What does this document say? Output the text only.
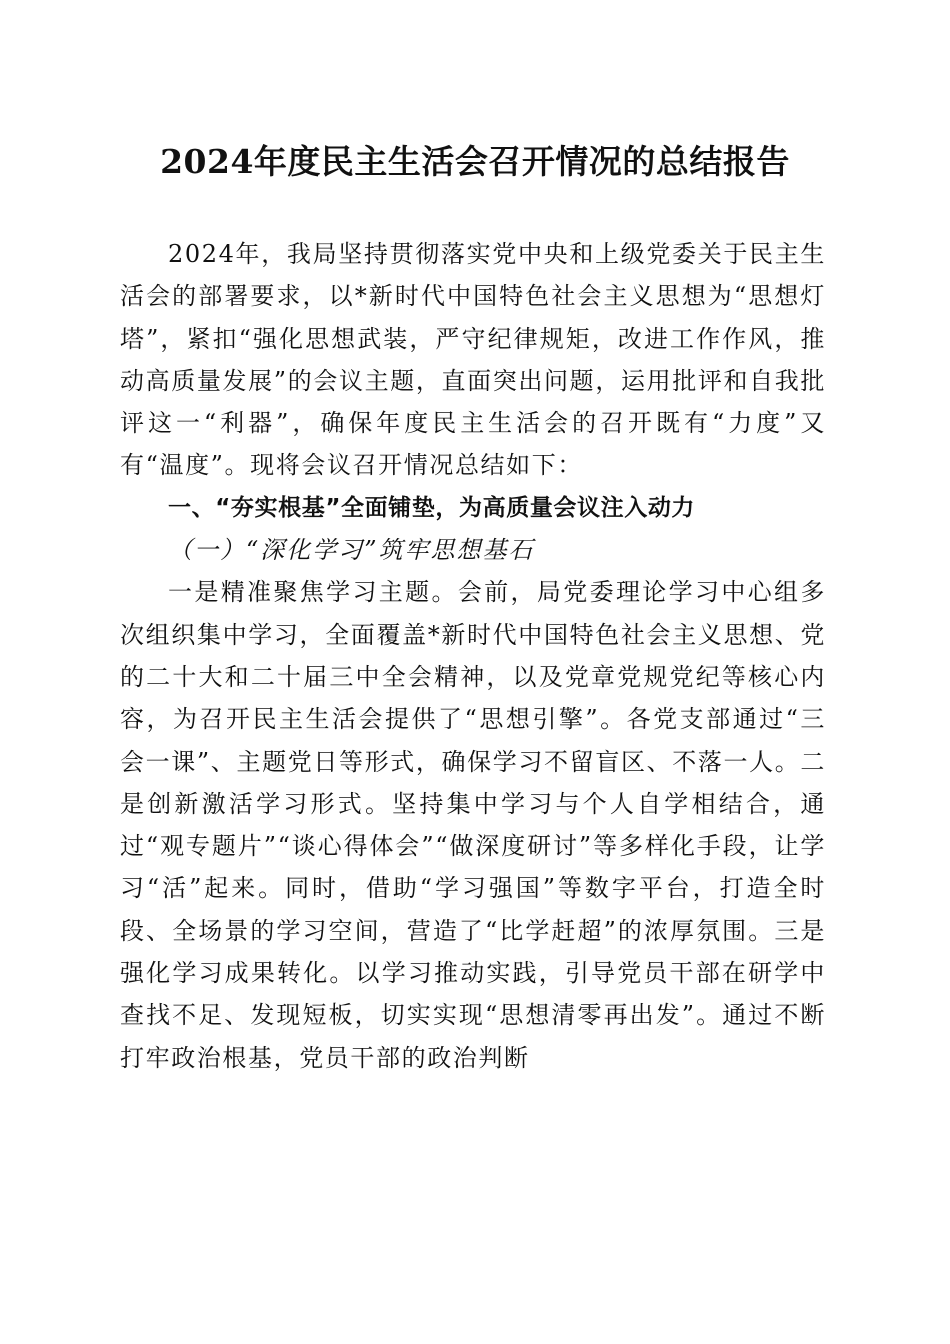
2024年度民主生活会召开情况的总结报告

2024年，我局坚持贯彻落实党中央和上级党委关于民主生活会的部署要求，以*新时代中国特色社会主义思想为“思想灯塔”，紧扣“强化思想武装，严守纪律规矩，改进工作作风，推动高质量发展”的会议主题，直面突出问题，运用批评和自我批评这一“利器”，确保年度民主生活会的召开既有“力度”又有“温度”。现将会议召开情况总结如下：

一、“夯实根基”全面铺垫，为高质量会议注入动力

（一）“深化学习”筑牢思想基石

一是精准聚焦学习主题。会前，局党委理论学习中心组多次组织集中学习，全面覆盖*新时代中国特色社会主义思想、党的二十大和二十届三中全会精神，以及党章党规党纪等核心内容，为召开民主生活会提供了“思想引擎”。各党支部通过“三会一课”、主题党日等形式，确保学习不留盲区、不落一人。二是创新激活学习形式。坚持集中学习与个人自学相结合，通过“观专题片”“谈心得体会”“做深度研讨”等多样化手段，让学习“活”起来。同时，借助“学习强国”等数字平台，打造全时段、全场景的学习空间，营造了“比学赶超”的浓厚氛围。三是强化学习成果转化。以学习推动实践，引导党员干部在研学中查找不足、发现短板，切实实现“思想清零再出发”。通过不断打牢政治根基，党员干部的政治判断
